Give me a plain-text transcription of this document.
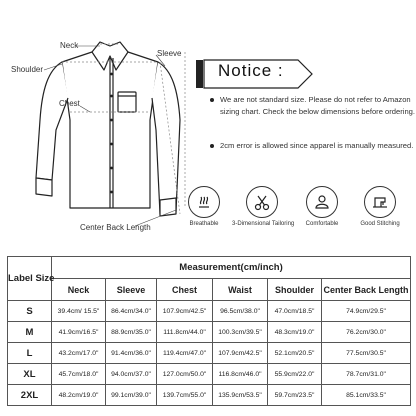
Neck
Sleeve
Shoulder
Chest
Center Back Length
Notice :
We are not standard size. Please do not refer to Amazon sizing chart. Check the below dimensions before ordering.
2cm error is allowed since apparel is manually measured.
Breathable	3-Dimensional Tailoring	Comfortable	Good Stitching
Label Size	Measurement(cm/inch)					
	Neck	Sleeve	Chest	Waist	Shoulder	Center Back Length
S	39.4cm/ 15.5"	86.4cm/34.0"	107.9cm/42.5"	96.5cm/38.0"	47.0cm/18.5"	74.9cm/29.5"
M	41.9cm/16.5"	88.9cm/35.0"	111.8cm/44.0"	100.3cm/39.5"	48.3cm/19.0"	76.2cm/30.0"
L	43.2cm/17.0"	91.4cm/36.0"	119.4cm/47.0"	107.9cm/42.5"	52.1cm/20.5"	77.5cm/30.5"
XL	45.7cm/18.0"	94.0cm/37.0"	127.0cm/50.0"	116.8cm/46.0"	55.9cm/22.0"	78.7cm/31.0"
2XL	48.2cm/19.0"	99.1cm/39.0"	139.7cm/55.0"	135.9cm/53.5"	59.7cm/23.5"	85.1cm/33.5"
